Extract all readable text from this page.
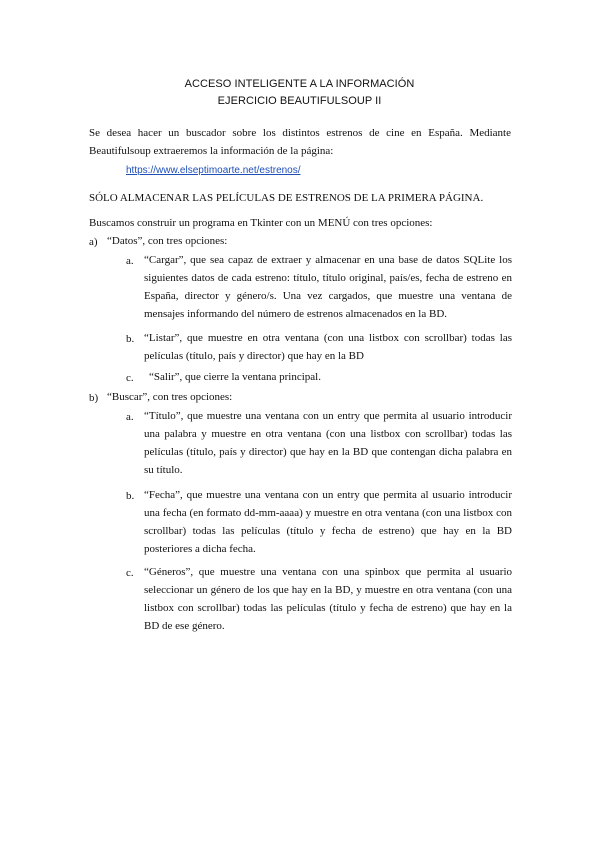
ACCESO INTELIGENTE A LA INFORMACIÓN
EJERCICIO BEAUTIFULSOUP II
Se desea hacer un buscador sobre los distintos estrenos de cine en España. Mediante Beautifulsoup extraeremos la información de la página:
https://www.elseptimoarte.net/estrenos/
SÓLO ALMACENAR LAS PELÍCULAS DE ESTRENOS DE LA PRIMERA PÁGINA.
Buscamos construir un programa en Tkinter con un MENÚ con tres opciones:
a) “Datos”, con tres opciones:
a. “Cargar”, que sea capaz de extraer y almacenar en una base de datos SQLite los siguientes datos de cada estreno: título, título original, país/es, fecha de estreno en España, director y género/s. Una vez cargados, que muestre una ventana de mensajes informando del número de estrenos almacenados en la BD.
b. “Listar”, que muestre en otra ventana (con una listbox con scrollbar) todas las películas (título, país y director) que hay en la BD
c. “Salir”, que cierre la ventana principal.
b) “Buscar”, con tres opciones:
a. “Título”, que muestre una ventana con un entry que permita al usuario introducir una palabra y muestre en otra ventana (con una listbox con scrollbar) todas las películas (título, país y director) que hay en la BD que contengan dicha palabra en su título.
b. “Fecha”, que muestre una ventana con un entry que permita al usuario introducir una fecha (en formato dd-mm-aaaa) y muestre en otra ventana (con una listbox con scrollbar) todas las películas (título y fecha de estreno) que hay en la BD posteriores a dicha fecha.
c. “Géneros”, que muestre una ventana con una spinbox que permita al usuario seleccionar un género de los que hay en la BD, y muestre en otra ventana (con una listbox con scrollbar) todas las películas (título y fecha de estreno) que hay en la BD de ese género.
